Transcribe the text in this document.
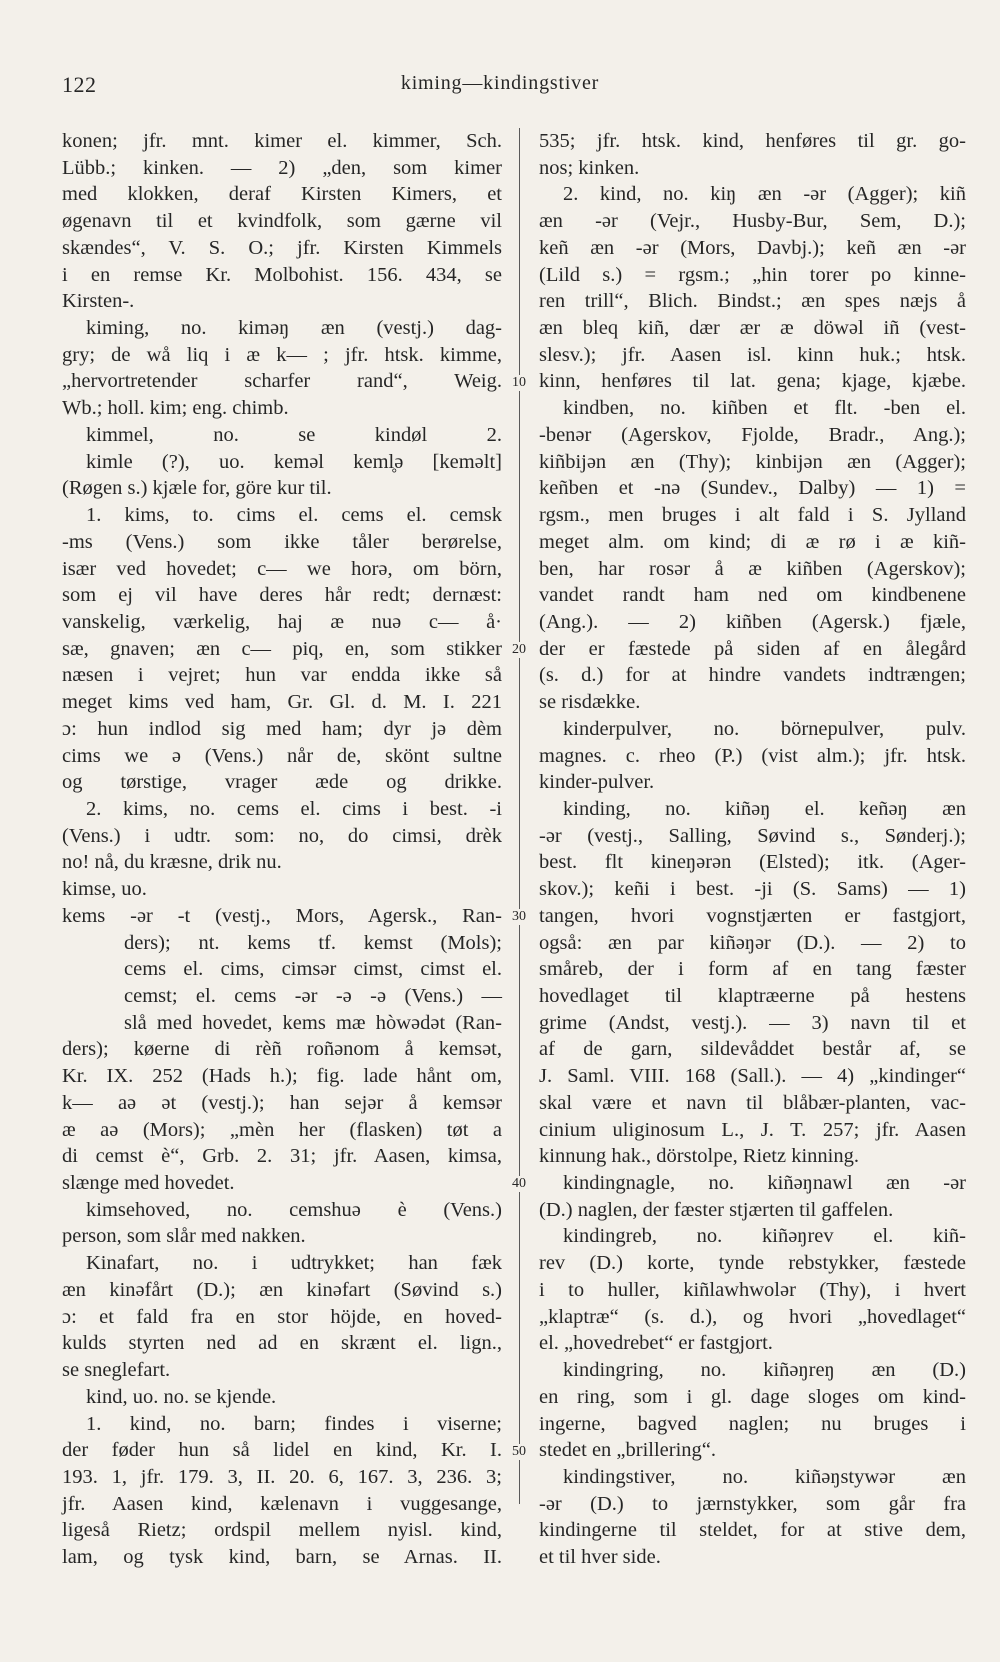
122	kiming—kindingstiver
konen; jfr. mnt. kimer el. kimmer, Sch.
Lübb.; kinken. — 2) „den, som kimer
med klokken, deraf Kirsten Kimers, et
øgenavn til et kvindfolk, som gærne vil
skændes“, V. S. O.; jfr. Kirsten Kimmels
i en remse Kr. Molbohist. 156. 434, se
Kirsten-.
kiming, no. kiməŋ æn (vestj.) dag-
gry; de wå liq i æ k— ; jfr. htsk. kimme,
„hervortretender scharfer rand“, Weig.
Wb.; holl. kim; eng. chimb.
kimmel, no. se kindøl 2.
kimle (?), uo. keməl keml̥ə [keməlt]
(Røgen s.) kjæle for, göre kur til.
1. kims, to. cims el. cems el. cemsk
-ms (Vens.) som ikke tåler berørelse,
især ved hovedet; c— we horə, om börn,
som ej vil have deres hår redt; dernæst:
vanskelig, værkelig, haj æ nuə c— å·
sæ, gnaven; æn c— piq, en, som stikker
næsen i vejret; hun var endda ikke så
meget kims ved ham, Gr. Gl. d. M. I. 221
ɔ: hun indlod sig med ham; dyr jə dèm
cims we ə (Vens.) når de, skönt sultne
og tørstige, vrager æde og drikke.
2. kims, no. cems el. cims i best. -i
(Vens.) i udtr. som: no, do cimsi, drèk
no! nå, du kræsne, drik nu.
kimse, uo.
kems -ər -t (vestj., Mors, Agersk., Ran-
ders); nt. kems tf. kemst (Mols);
cems el. cims, cimsər cimst, cimst el.
cemst; el. cems -ər -ə -ə (Vens.) —
slå med hovedet, kems mæ hòwədət (Ran-
ders); køerne di rèñ roñənom å kemsət,
Kr. IX. 252 (Hads h.); fig. lade hånt om,
k— aə ət (vestj.); han sejər å kemsər
æ aə (Mors); „mèn her (flasken) tøt a
di cemst è“, Grb. 2. 31; jfr. Aasen, kimsa,
slænge med hovedet.
kimsehoved, no. cemshuə è (Vens.)
person, som slår med nakken.
Kinafart, no. i udtrykket; han fæk
æn kinəfårt (D.); æn kinəfart (Søvind s.)
ɔ: et fald fra en stor höjde, en hoved-
kulds styrten ned ad en skrænt el. lign.,
se sneglefart.
kind, uo. no. se kjende.
1. kind, no. barn; findes i viserne;
der føder hun så lidel en kind, Kr. I.
193. 1, jfr. 179. 3, II. 20. 6, 167. 3, 236. 3;
jfr. Aasen kind, kælenavn i vuggesange,
ligeså Rietz; ordspil mellem nyisl. kind,
lam, og tysk kind, barn, se Arnas. II.
535; jfr. htsk. kind, henføres til gr. go-
nos; kinken.
2. kind, no. kiŋ æn -ər (Agger); kiñ
æn -ər (Vejr., Husby-Bur, Sem, D.);
keñ æn -ər (Mors, Davbj.); keñ æn -ər
(Lild s.) = rgsm.; „hin torer po kinne-
ren trill“, Blich. Bindst.; æn spes næjs å
æn bleq kiñ, dær ær æ döwəl iñ (vest-
slesv.); jfr. Aasen isl. kinn huk.; htsk.
kinn, henføres til lat. gena; kjage, kjæbe.
kindben, no. kiñben et flt. -ben el.
-benər (Agerskov, Fjolde, Bradr., Ang.);
kiñbijən æn (Thy); kinbijən æn (Agger);
keñben et -nə (Sundev., Dalby) — 1) =
rgsm., men bruges i alt fald i S. Jylland
meget alm. om kind; di æ rø i æ kiñ-
ben, har rosər å æ kiñben (Agerskov);
vandet randt ham ned om kindbenene
(Ang.). — 2) kiñben (Agersk.) fjæle,
der er fæstede på siden af en ålegård
(s. d.) for at hindre vandets indtrængen;
se risdække.
kinderpulver, no. börnepulver, pulv.
magnes. c. rheo (P.) (vist alm.); jfr. htsk.
kinder-pulver.
kinding, no. kiñəŋ el. keñəŋ æn
-ər (vestj., Salling, Søvind s., Sønderj.);
best. flt kineŋərən (Elsted); itk. (Ager-
skov.); keñi i best. -ji (S. Sams) — 1)
tangen, hvori vognstjærten er fastgjort,
også: æn par kiñəŋər (D.). — 2) to
småreb, der i form af en tang fæster
hovedlaget til klaptræerne på hestens
grime (Andst, vestj.). — 3) navn til et
af de garn, sildevåddet består af, se
J. Saml. VIII. 168 (Sall.). — 4) „kindinger“
skal være et navn til blåbær-planten, vac-
cinium uliginosum L., J. T. 257; jfr. Aasen
kinnung hak., dörstolpe, Rietz kinning.
kindingnagle, no. kiñəŋnawl æn -ər
(D.) naglen, der fæster stjærten til gaffelen.
kindingreb, no. kiñəŋrev el. kiñ-
rev (D.) korte, tynde rebstykker, fæstede
i to huller, kiñlawhwolər (Thy), i hvert
„klaptræ“ (s. d.), og hvori „hovedlaget“
el. „hovedrebet“ er fastgjort.
kindingring, no. kiñəŋreŋ æn (D.)
en ring, som i gl. dage sloges om kind-
ingerne, bagved naglen; nu bruges i
stedet en „brillering“.
kindingstiver, no. kiñəŋstywər æn
-ər (D.) to jærnstykker, som går fra
kindingerne til steldet, for at stive dem,
et til hver side.
10
20
30
40
50
